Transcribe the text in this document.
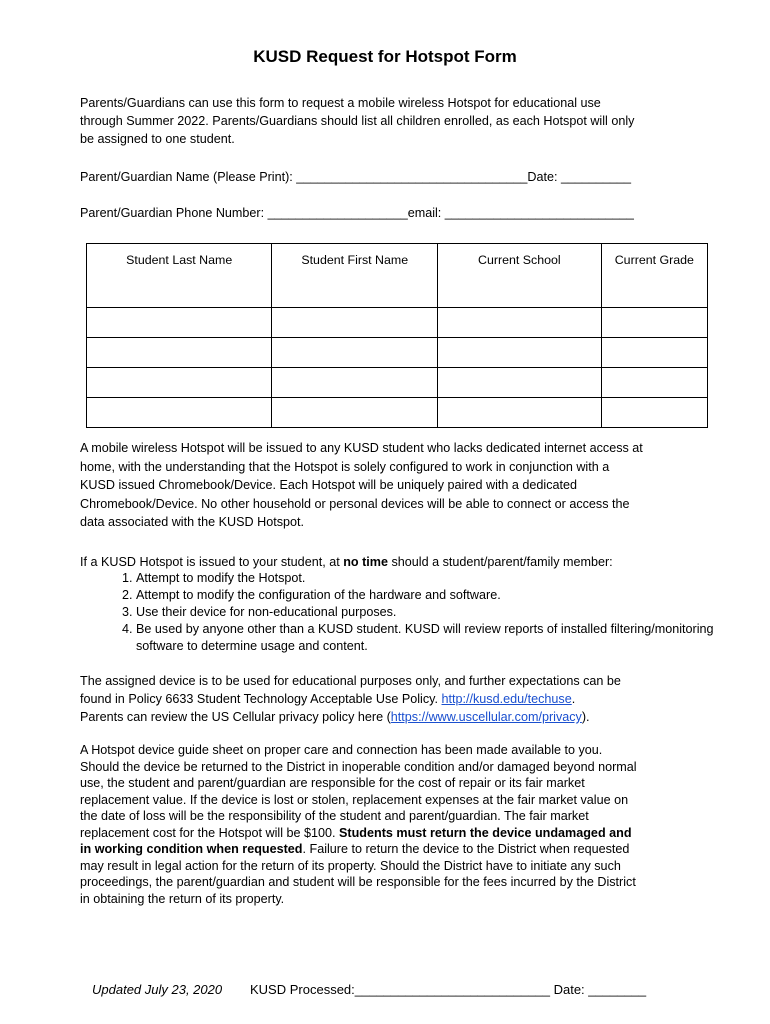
KUSD Request for Hotspot Form
Parents/Guardians can use this form to request a mobile wireless Hotspot for educational use
through Summer 2022. Parents/Guardians should list all children enrolled, as each Hotspot will only
be assigned to one student.
Parent/Guardian Name (Please Print): _________________________________Date: __________
Parent/Guardian Phone Number: ____________________email: ___________________________
Student Last Name	Student First Name	Current School	Current Grade

A mobile wireless Hotspot will be issued to any KUSD student who lacks dedicated internet access at
home, with the understanding that the Hotspot is solely configured to work in conjunction with a
KUSD issued Chromebook/Device. Each Hotspot will be uniquely paired with a dedicated
Chromebook/Device. No other household or personal devices will be able to connect or access the
data associated with the KUSD Hotspot.
If a KUSD Hotspot is issued to your student, at no time should a student/parent/family member:
1. Attempt to modify the Hotspot.
2. Attempt to modify the configuration of the hardware and software.
3. Use their device for non-educational purposes.
4. Be used by anyone other than a KUSD student. KUSD will review reports of installed filtering/monitoring software to determine usage and content.
The assigned device is to be used for educational purposes only, and further expectations can be
found in Policy 6633 Student Technology Acceptable Use Policy. http://kusd.edu/techuse.
Parents can review the US Cellular privacy policy here (https://www.uscellular.com/privacy).
A Hotspot device guide sheet on proper care and connection has been made available to you.
Should the device be returned to the District in inoperable condition and/or damaged beyond normal
use, the student and parent/guardian are responsible for the cost of repair or its fair market
replacement value. If the device is lost or stolen, replacement expenses at the fair market value on
the date of loss will be the responsibility of the student and parent/guardian. The fair market
replacement cost for the Hotspot will be $100. Students must return the device undamaged and
in working condition when requested. Failure to return the device to the District when requested
may result in legal action for the return of its property. Should the District have to initiate any such
proceedings, the parent/guardian and student will be responsible for the fees incurred by the District
in obtaining the return of its property.
Updated July 23, 2020 KUSD Processed:___________________________ Date: ________
